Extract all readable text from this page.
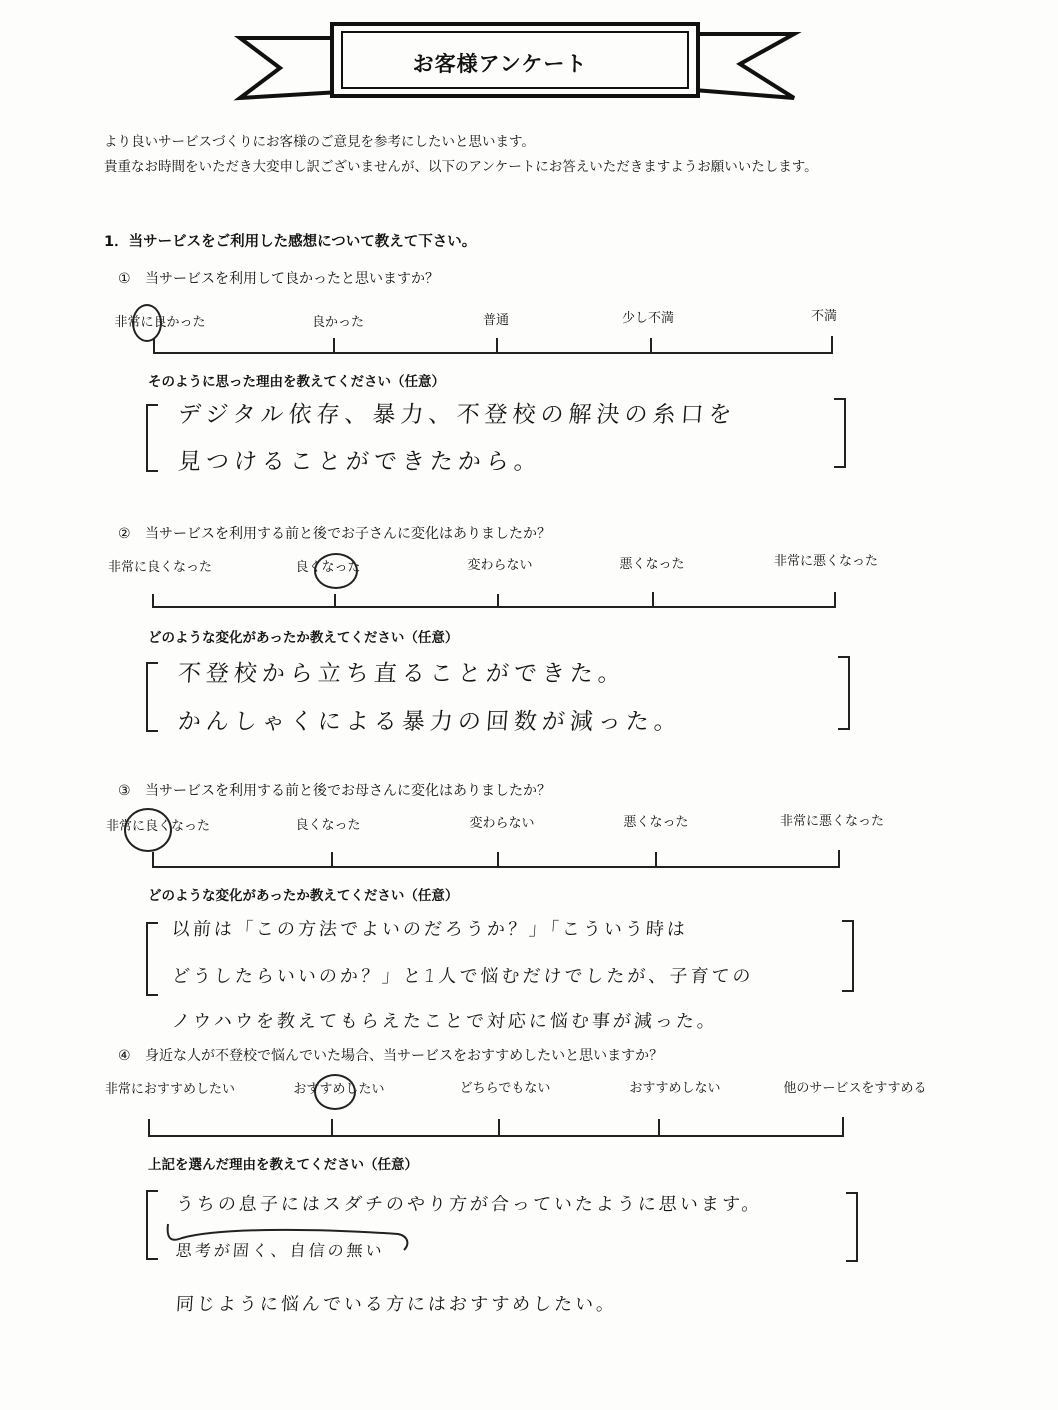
お客様アンケート
より良いサービスづくりにお客様のご意見を参考にしたいと思います。
貴重なお時間をいただき大変申し訳ございませんが、以下のアンケートにお答えいただきますようお願いいたします。
1．当サービスをご利用した感想について教えて下さい。
① 当サービスを利用して良かったと思いますか？
非常に良かった	良かった	普通	少し不満	不満
そのように思った理由を教えてください（任意）
デジタル依存、暴力、不登校の解決の糸口を
見つけることができたから。
② 当サービスを利用する前と後でお子さんに変化はありましたか？
非常に良くなった	良くなった	変わらない	悪くなった	非常に悪くなった
どのような変化があったか教えてください（任意）
不登校から立ち直ることができた。
かんしゃくによる暴力の回数が減った。
③ 当サービスを利用する前と後でお母さんに変化はありましたか？
非常に良くなった	良くなった	変わらない	悪くなった	非常に悪くなった
どのような変化があったか教えてください（任意）
以前は「この方法でよいのだろうか？」「こういう時は
どうしたらいいのか？」と1人で悩むだけでしたが、子育ての
ノウハウを教えてもらえたことで対応に悩む事が減った。
④ 身近な人が不登校で悩んでいた場合、当サービスをおすすめしたいと思いますか？
非常におすすめしたい	おすすめしたい	どちらでもない	おすすめしない	他のサービスをすすめる
上記を選んだ理由を教えてください（任意）
うちの息子にはスダチのやり方が合っていたように思います。
思考が固く、自信の無い
同じように悩んでいる方にはおすすめしたい。
